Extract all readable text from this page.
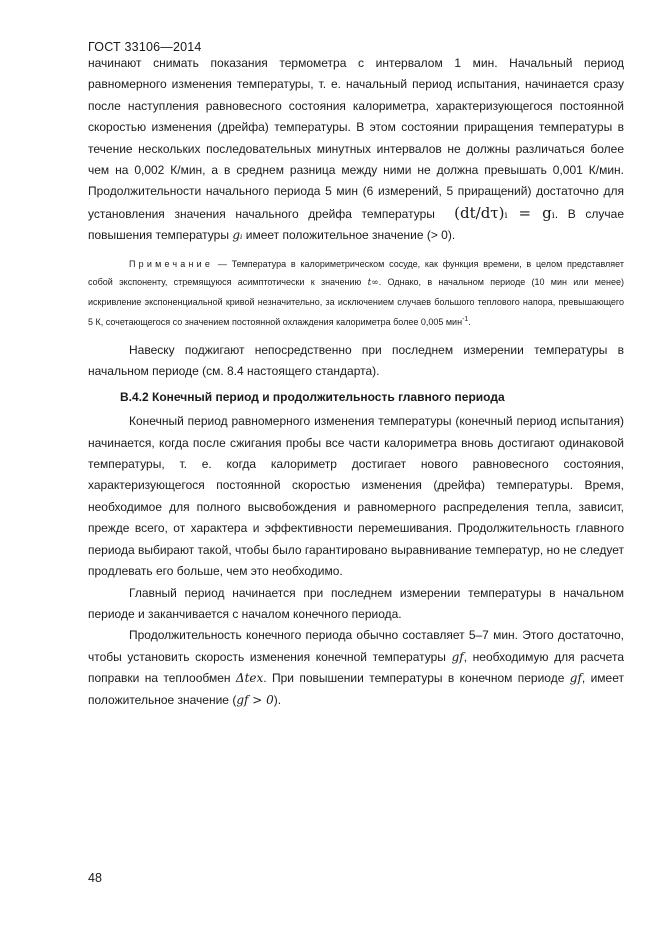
ГОСТ 33106—2014

начинают снимать показания термометра с интервалом 1 мин. Начальный период равномерного изменения температуры, т. е. начальный период испытания, начинается сразу после наступления равновесного состояния калориметра, характеризующегося постоянной скоростью изменения (дрейфа) температуры. В этом состоянии приращения температуры в течение нескольких последовательных минутных интервалов не должны различаться более чем на 0,002 К/мин, а в среднем разница между ними не должна превышать 0,001 К/мин. Продолжительности начального периода 5 мин (6 измерений, 5 приращений) достаточно для установления значения начального дрейфа температуры (dt/dτ)ᵢ = gᵢ. В случае повышения температуры gᵢ имеет положительное значение (> 0).

Примечание — Температура в калориметрическом сосуде, как функция времени, в целом представляет собой экспоненту, стремящуюся асимптотически к значению t∞. Однако, в начальном периоде (10 мин или менее) искривление экспоненциальной кривой незначительно, за исключением случаев большого теплового напора, превышающего 5 К, сочетающегося со значением постоянной охлаждения калориметра более 0,005 мин$^{-1}$.

Навеску поджигают непосредственно при последнем измерении температуры в начальном периоде (см. 8.4 настоящего стандарта).

В.4.2 Конечный период и продолжительность главного периода

Конечный период равномерного изменения температуры (конечный период испытания) начинается, когда после сжигания пробы все части калориметра вновь достигают одинаковой температуры, т. е. когда калориметр достигает нового равновесного состояния, характеризующегося постоянной скоростью изменения (дрейфа) температуры. Время, необходимое для полного высвобождения и равномерного распределения тепла, зависит, прежде всего, от характера и эффективности перемешивания. Продолжительность главного периода выбирают такой, чтобы было гарантировано выравнивание температур, но не следует продлевать его больше, чем это необходимо.

Главный период начинается при последнем измерении температуры в начальном периоде и заканчивается с началом конечного периода.

Продолжительность конечного периода обычно составляет 5–7 мин. Этого достаточно, чтобы установить скорость изменения конечной температуры gf, необходимую для расчета поправки на теплообмен Δtex. При повышении температуры в конечном периоде gf, имеет положительное значение (gf > 0).

48
